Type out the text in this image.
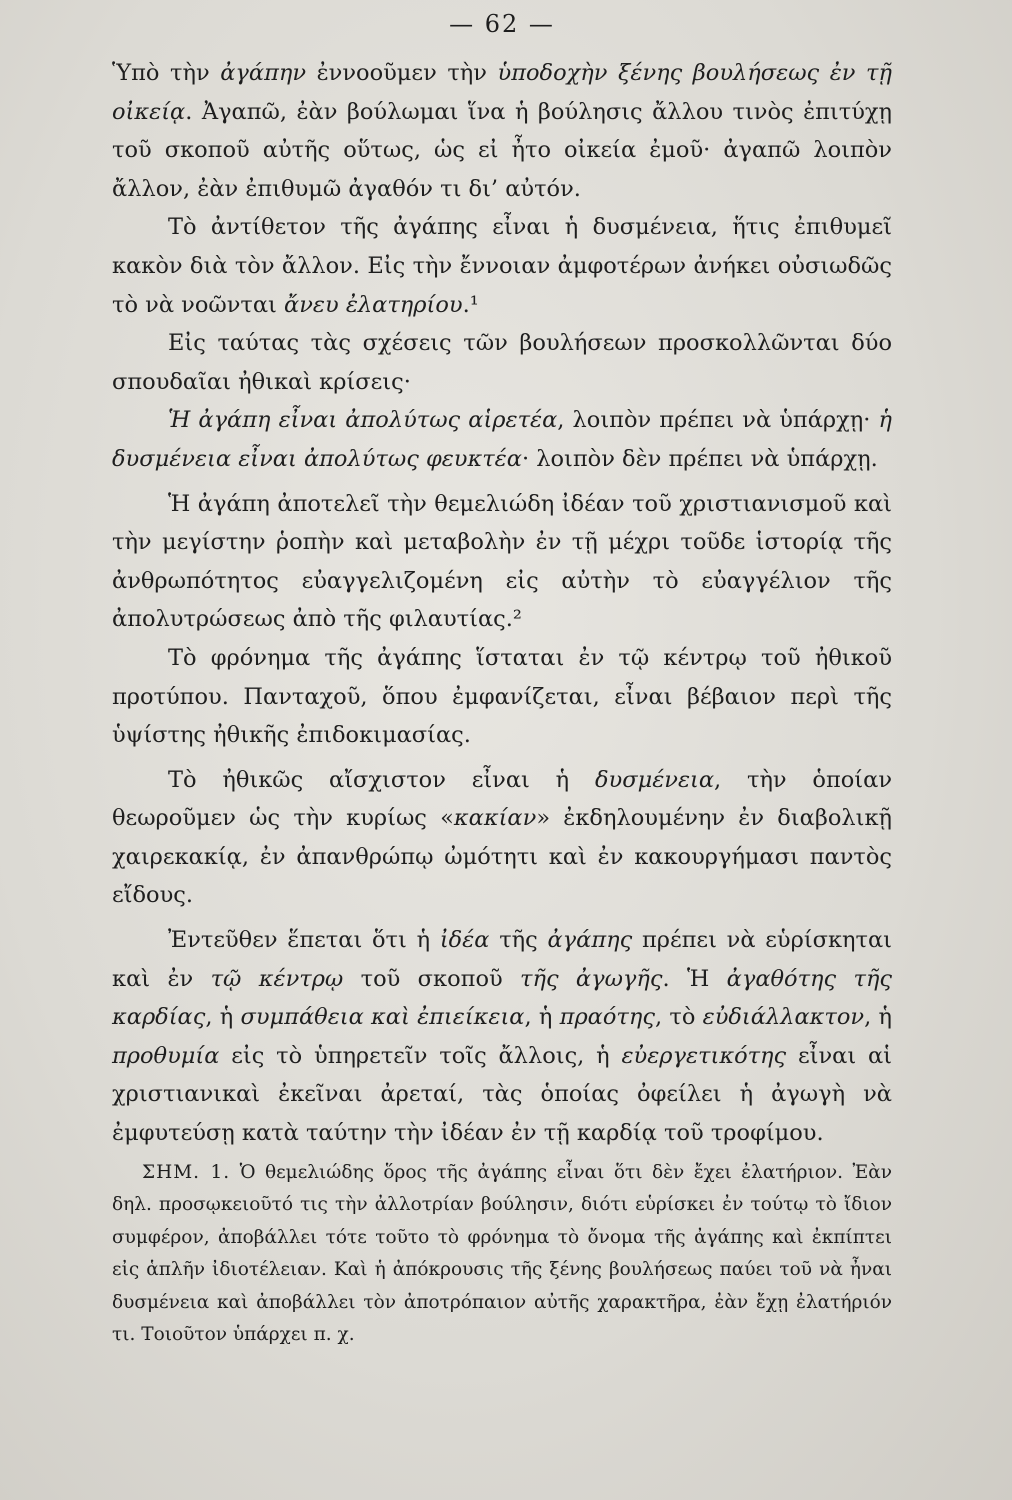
— 62 —

Ὑπὸ τὴν ἀγάπην ἐννοοῦμεν τὴν ὑποδοχὴν ξένης βουλήσεως ἐν τῇ οἰκείᾳ. Ἀγαπῶ, ἐὰν βούλωμαι ἵνα ἡ βούλησις ἄλλου τινὸς ἐπιτύχῃ τοῦ σκοποῦ αὐτῆς οὕτως, ὡς εἰ ἦτο οἰκεία ἐμοῦ· ἀγαπῶ λοιπὸν ἄλλον, ἐὰν ἐπιθυμῶ ἀγαθόν τι δι’ αὐτόν.

Τὸ ἀντίθετον τῆς ἀγάπης εἶναι ἡ δυσμένεια, ἥτις ἐπιθυμεῖ κακὸν διὰ τὸν ἄλλον. Εἰς τὴν ἔννοιαν ἀμφοτέρων ἀνήκει οὐσιωδῶς τὸ νὰ νοῶνται ἄνευ ἐλατηρίου.¹

Εἰς ταύτας τὰς σχέσεις τῶν βουλήσεων προσκολλῶνται δύο σπουδαῖαι ἠθικαὶ κρίσεις·

Ἡ ἀγάπη εἶναι ἀπολύτως αἱρετέα, λοιπὸν πρέπει νὰ ὑπάρχῃ· ἡ δυσμένεια εἶναι ἀπολύτως φευκτέα· λοιπὸν δὲν πρέπει νὰ ὑπάρχῃ.

Ἡ ἀγάπη ἀποτελεῖ τὴν θεμελιώδη ἰδέαν τοῦ χριστιανισμοῦ καὶ τὴν μεγίστην ῥοπὴν καὶ μεταβολὴν ἐν τῇ μέχρι τοῦδε ἱστορίᾳ τῆς ἀνθρωπότητος εὐαγγελιζομένη εἰς αὐτὴν τὸ εὐαγγέλιον τῆς ἀπολυτρώσεως ἀπὸ τῆς φιλαυτίας.²

Τὸ φρόνημα τῆς ἀγάπης ἵσταται ἐν τῷ κέντρῳ τοῦ ἠθικοῦ προτύπου. Πανταχοῦ, ὅπου ἐμφανίζεται, εἶναι βέβαιον περὶ τῆς ὑψίστης ἠθικῆς ἐπιδοκιμασίας.

Τὸ ἠθικῶς αἴσχιστον εἶναι ἡ δυσμένεια, τὴν ὁποίαν θεωροῦμεν ὡς τὴν κυρίως «κακίαν» ἐκδηλουμένην ἐν διαβολικῇ χαιρεκακίᾳ, ἐν ἀπανθρώπῳ ὠμότητι καὶ ἐν κακουργήμασι παντὸς εἴδους.

Ἐντεῦθεν ἕπεται ὅτι ἡ ἰδέα τῆς ἀγάπης πρέπει νὰ εὑρίσκηται καὶ ἐν τῷ κέντρῳ τοῦ σκοποῦ τῆς ἀγωγῆς. Ἡ ἀγαθότης τῆς καρδίας, ἡ συμπάθεια καὶ ἐπιείκεια, ἡ πραότης, τὸ εὐδιάλλακτον, ἡ προθυμία εἰς τὸ ὑπηρετεῖν τοῖς ἄλλοις, ἡ εὐεργετικότης εἶναι αἱ χριστιανικαὶ ἐκεῖναι ἀρεταί, τὰς ὁποίας ὀφείλει ἡ ἀγωγὴ νὰ ἐμφυτεύσῃ κατὰ ταύτην τὴν ἰδέαν ἐν τῇ καρδίᾳ τοῦ τροφίμου.

ΣΗΜ. 1. Ὁ θεμελιώδης ὅρος τῆς ἀγάπης εἶναι ὅτι δὲν ἔχει ἐλατήριον. Ἐὰν δηλ. προσῳκειοῦτό τις τὴν ἀλλοτρίαν βούλησιν, διότι εὑρίσκει ἐν τούτῳ τὸ ἴδιον συμφέρον, ἀποβάλλει τότε τοῦτο τὸ φρόνημα τὸ ὄνομα τῆς ἀγάπης καὶ ἐκπίπτει εἰς ἁπλῆν ἰδιοτέλειαν. Καὶ ἡ ἀπόκρουσις τῆς ξένης βουλήσεως παύει τοῦ νὰ ἦναι δυσμένεια καὶ ἀποβάλλει τὸν ἀποτρόπαιον αὐτῆς χαρακτῆρα, ἐὰν ἔχῃ ἐλατήριόν τι. Τοιοῦτον ὑπάρχει π. χ.
